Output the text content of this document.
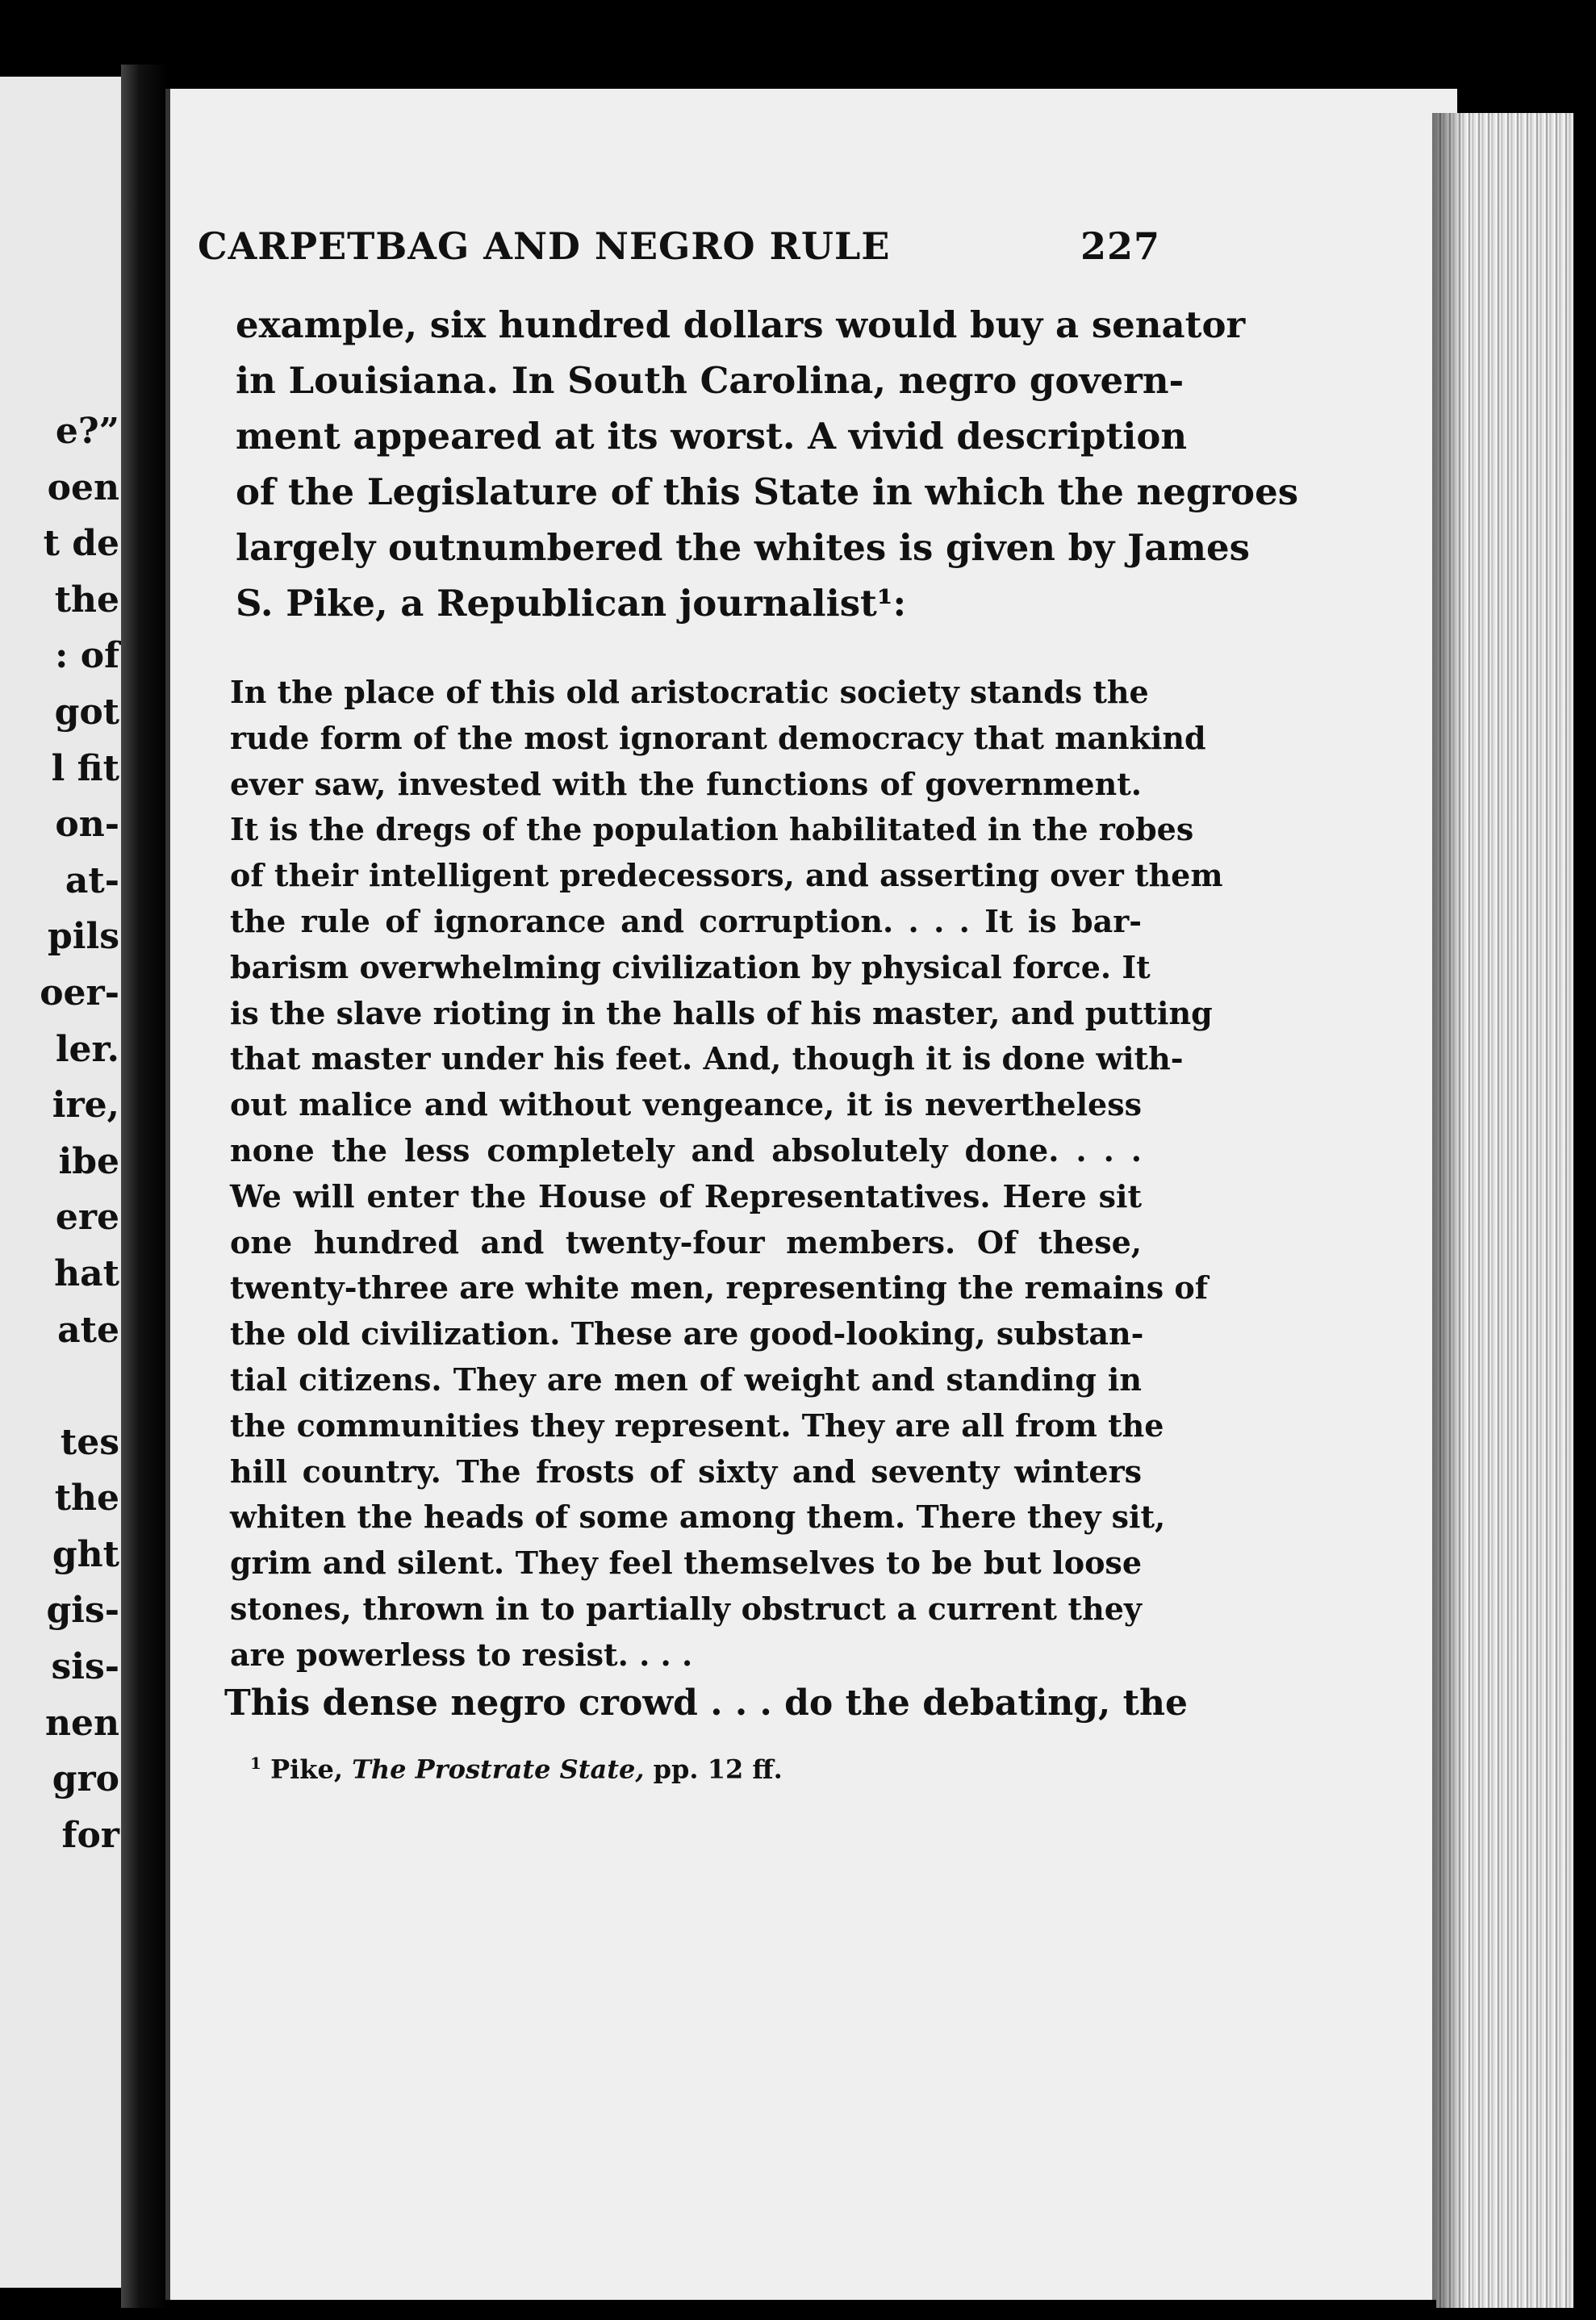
e?”
oen
t de
the
: of
got
l fit
on-
at-
pils
oer-
ler.
ire,
ibe
ere
hat
ate
tes
the
ght
gis-
sis-
nen
gro
for
CARPETBAG AND NEGRO RULE	227
example, six hundred dollars would buy a senator
in Louisiana. In South Carolina, negro govern-
ment appeared at its worst. A vivid description
of the Legislature of this State in which the negroes
largely outnumbered the whites is given by James
S. Pike, a Republican journalist¹:
In the place of this old aristocratic society stands the
rude form of the most ignorant democracy that mankind
ever saw, invested with the functions of government.
It is the dregs of the population habilitated in the robes
of their intelligent predecessors, and asserting over them
the rule of ignorance and corruption. . . . It is bar-
barism overwhelming civilization by physical force. It
is the slave rioting in the halls of his master, and putting
that master under his feet. And, though it is done with-
out malice and without vengeance, it is nevertheless
none the less completely and absolutely done. . . .
We will enter the House of Representatives. Here sit
one hundred and twenty-four members. Of these,
twenty-three are white men, representing the remains of
the old civilization. These are good-looking, substan-
tial citizens. They are men of weight and standing in
the communities they represent. They are all from the
hill country. The frosts of sixty and seventy winters
whiten the heads of some among them. There they sit,
grim and silent. They feel themselves to be but loose
stones, thrown in to partially obstruct a current they
are powerless to resist. . . .
This dense negro crowd . . . do the debating, the
$^1$ Pike, The Prostrate State, pp. 12 ff.
